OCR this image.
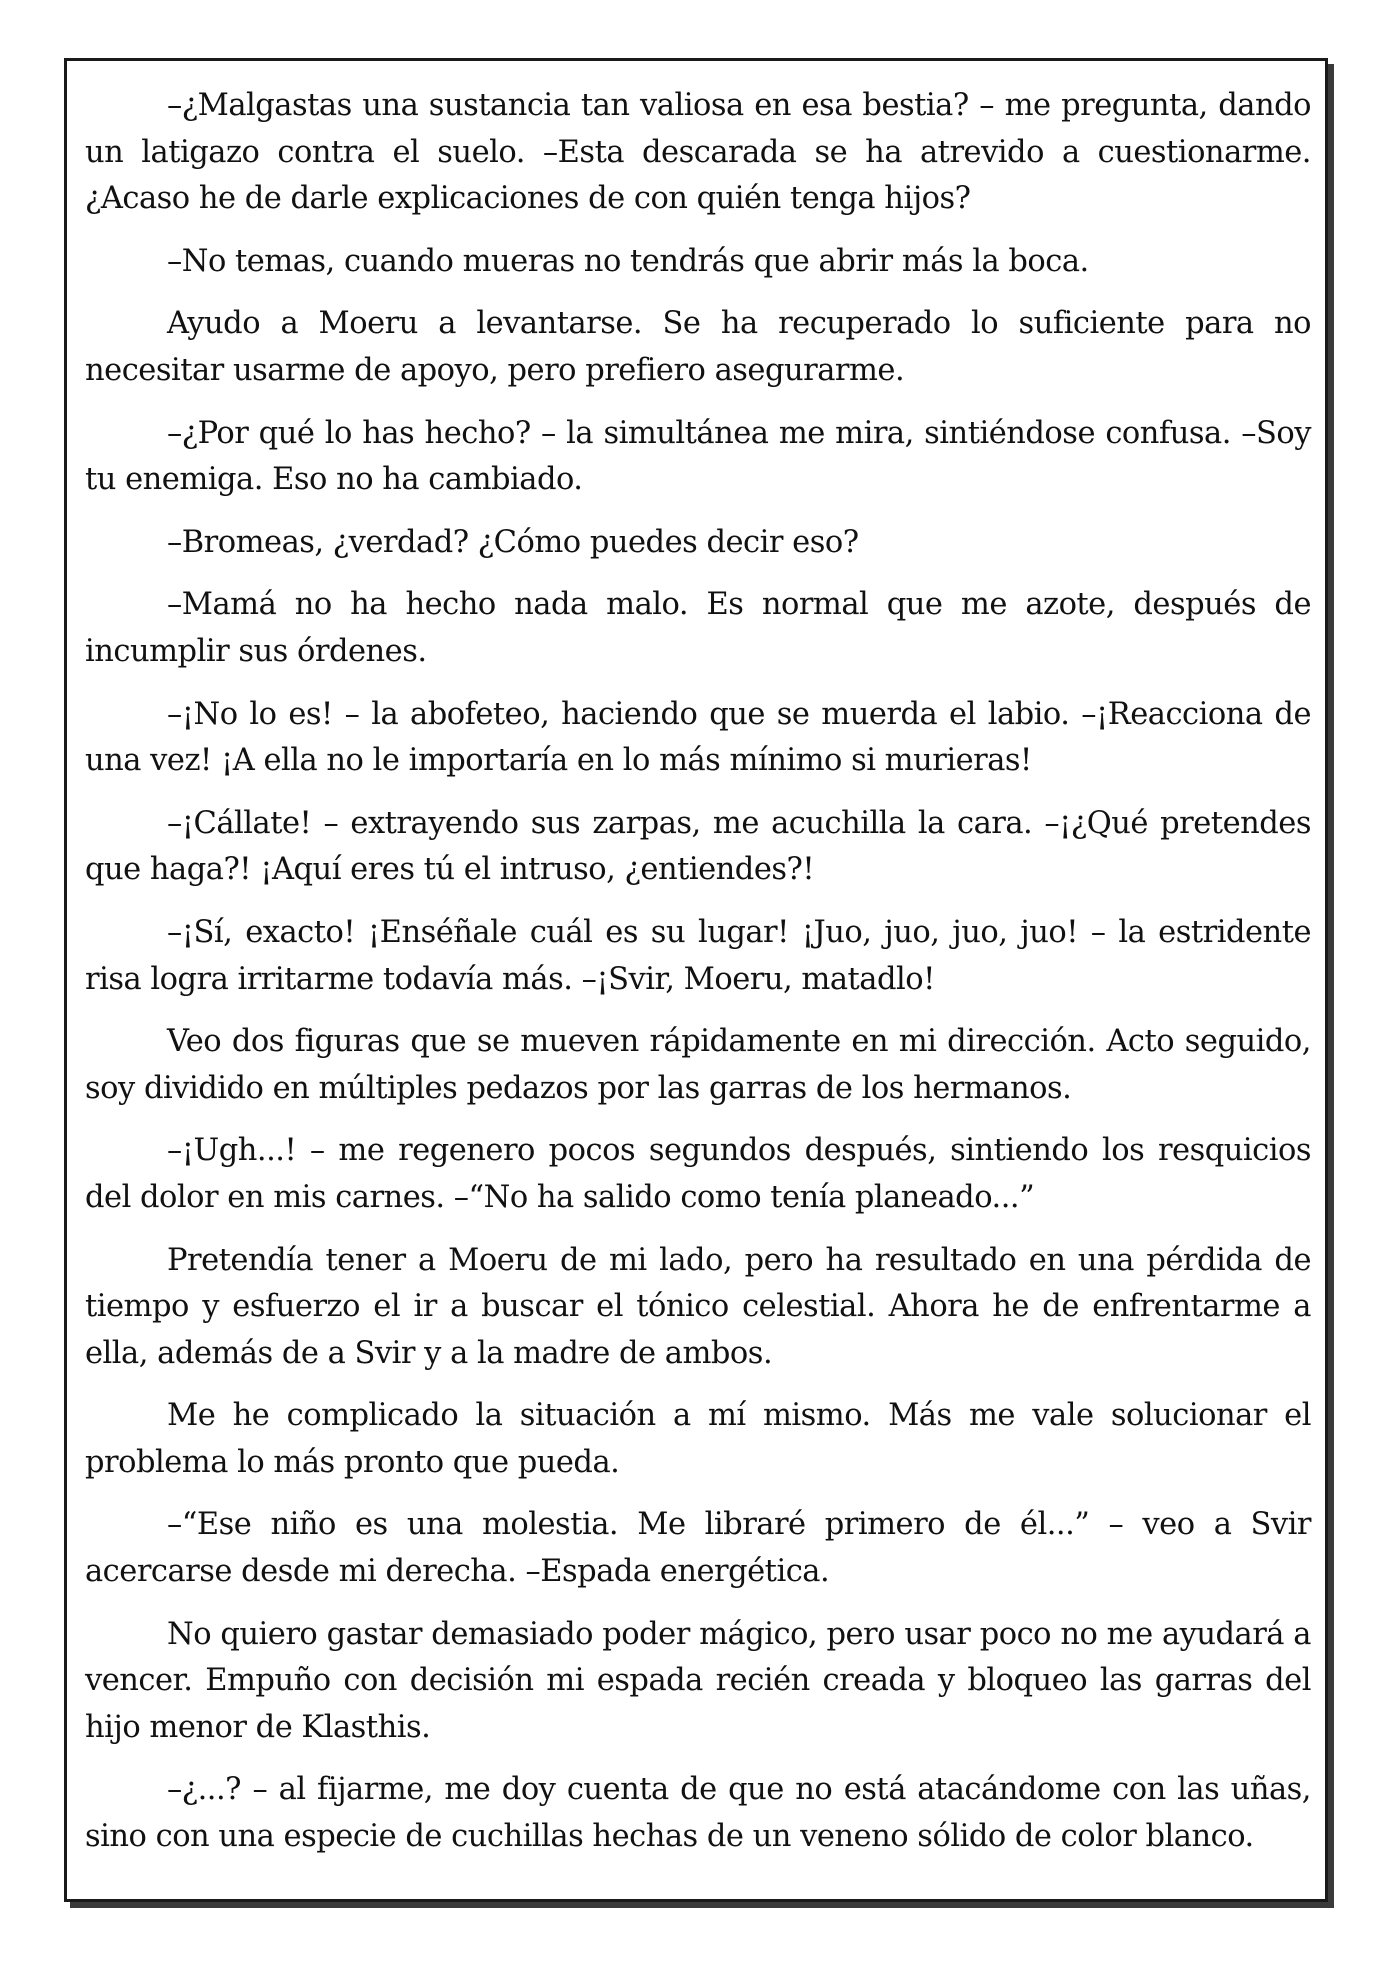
–¿Malgastas una sustancia tan valiosa en esa bestia? – me pregunta, dando un latigazo contra el suelo. –Esta descarada se ha atrevido a cuestionarme. ¿Acaso he de darle explicaciones de con quién tenga hijos?

–No temas, cuando mueras no tendrás que abrir más la boca.

Ayudo a Moeru a levantarse. Se ha recuperado lo suficiente para no necesitar usarme de apoyo, pero prefiero asegurarme.

–¿Por qué lo has hecho? – la simultánea me mira, sintiéndose confusa. –Soy tu enemiga. Eso no ha cambiado.

–Bromeas, ¿verdad? ¿Cómo puedes decir eso?

–Mamá no ha hecho nada malo. Es normal que me azote, después de incumplir sus órdenes.

–¡No lo es! – la abofeteo, haciendo que se muerda el labio. –¡Reacciona de una vez! ¡A ella no le importaría en lo más mínimo si murieras!

–¡Cállate! – extrayendo sus zarpas, me acuchilla la cara. –¡¿Qué pretendes que haga?! ¡Aquí eres tú el intruso, ¿entiendes?!

–¡Sí, exacto! ¡Enséñale cuál es su lugar! ¡Juo, juo, juo, juo! – la estridente risa logra irritarme todavía más. –¡Svir, Moeru, matadlo!

Veo dos figuras que se mueven rápidamente en mi dirección. Acto seguido, soy dividido en múltiples pedazos por las garras de los hermanos.

–¡Ugh...! – me regenero pocos segundos después, sintiendo los resquicios del dolor en mis carnes. –“No ha salido como tenía planeado...”

Pretendía tener a Moeru de mi lado, pero ha resultado en una pérdida de tiempo y esfuerzo el ir a buscar el tónico celestial. Ahora he de enfrentarme a ella, además de a Svir y a la madre de ambos.

Me he complicado la situación a mí mismo. Más me vale solucionar el problema lo más pronto que pueda.

–“Ese niño es una molestia. Me libraré primero de él...” – veo a Svir acercarse desde mi derecha. –Espada energética.

No quiero gastar demasiado poder mágico, pero usar poco no me ayudará a vencer. Empuño con decisión mi espada recién creada y bloqueo las garras del hijo menor de Klasthis.

–¿...? – al fijarme, me doy cuenta de que no está atacándome con las uñas, sino con una especie de cuchillas hechas de un veneno sólido de color blanco.
